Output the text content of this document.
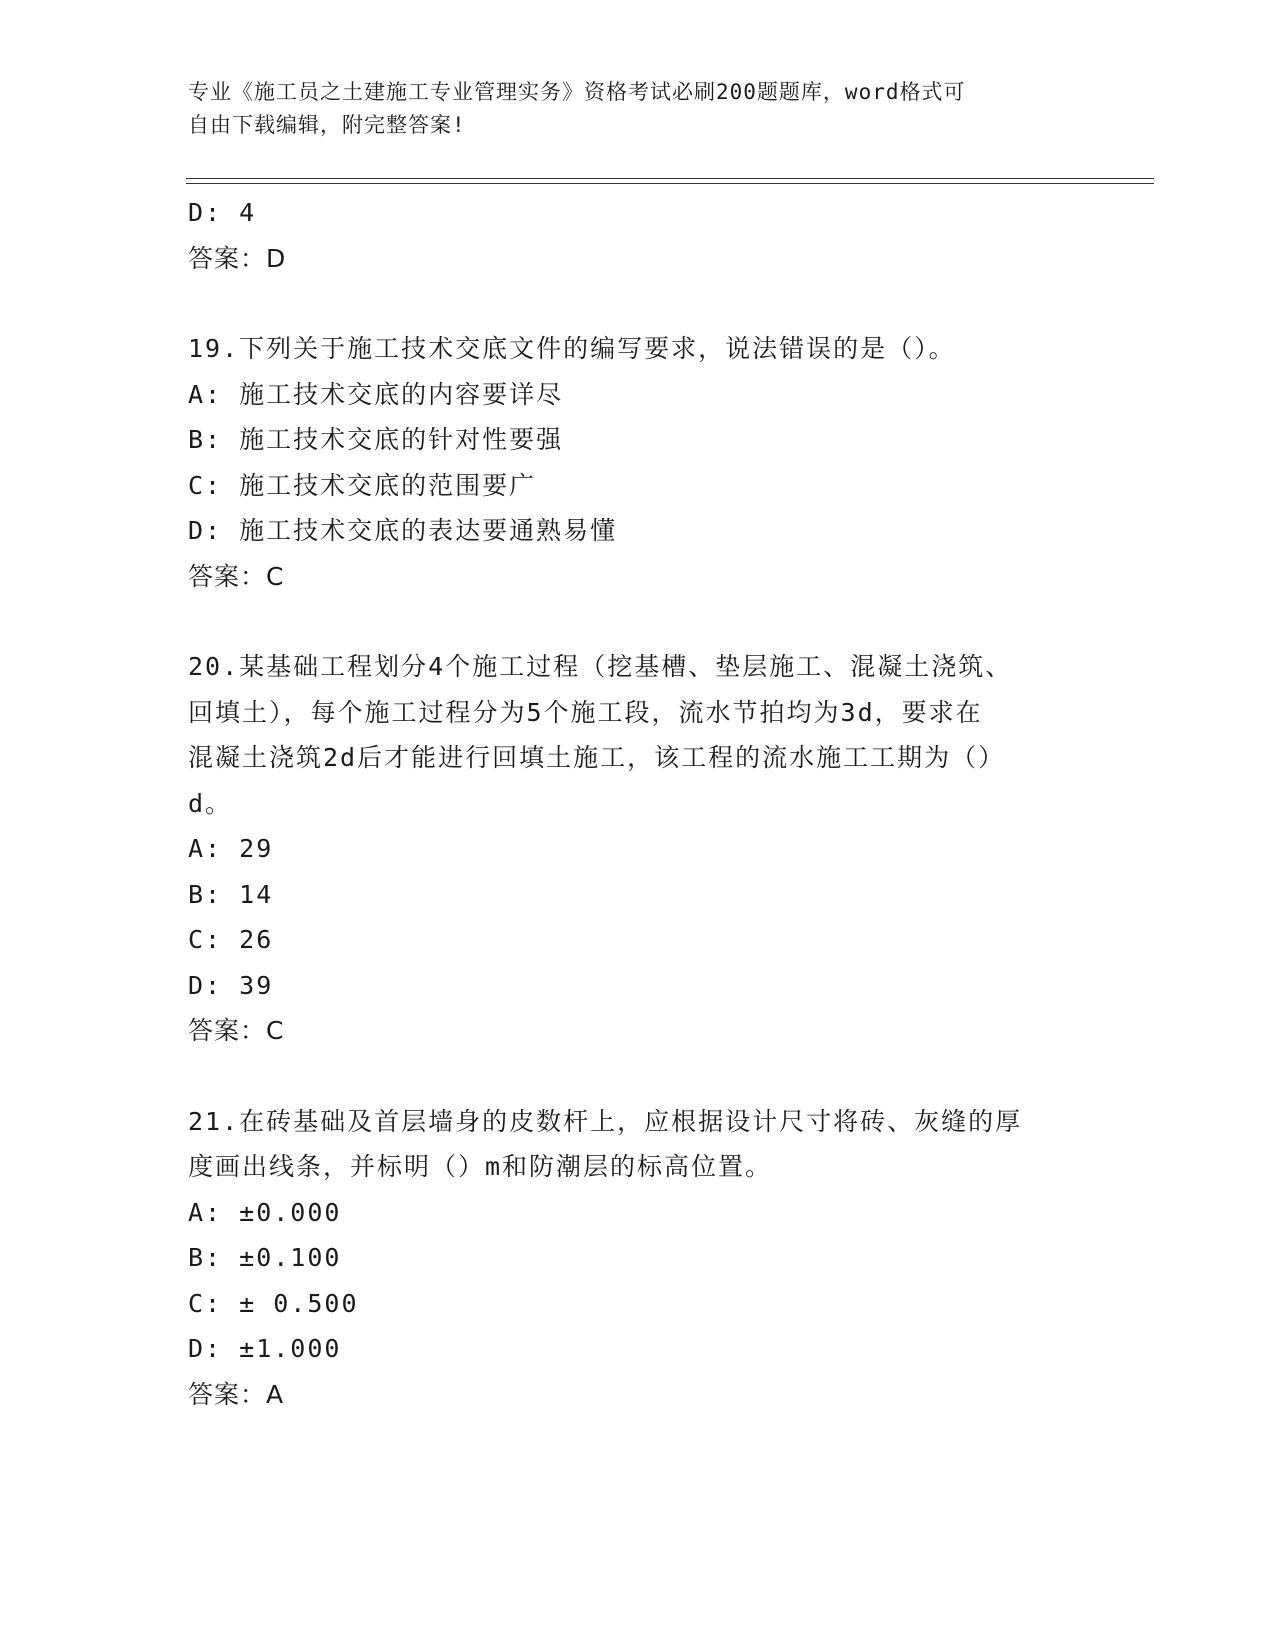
专业《施工员之土建施工专业管理实务》资格考试必刷200题题库，word格式可
自由下载编辑，附完整答案!
D: 4
答案：D
19.下列关于施工技术交底文件的编写要求，说法错误的是（）。
A: 施工技术交底的内容要详尽
B: 施工技术交底的针对性要强
C: 施工技术交底的范围要广
D: 施工技术交底的表达要通熟易懂
答案：C
20.某基础工程划分4个施工过程（挖基槽、垫层施工、混凝土浇筑、
回填土），每个施工过程分为5个施工段，流水节拍均为3d，要求在
混凝土浇筑2d后才能进行回填土施工，该工程的流水施工工期为（）
d。
A: 29
B: 14
C: 26
D: 39
答案：C
21.在砖基础及首层墙身的皮数杆上，应根据设计尺寸将砖、灰缝的厚
度画出线条，并标明（）m和防潮层的标高位置。
A: ±0.000
B: ±0.100
C: ± 0.500
D: ±1.000
答案：A
